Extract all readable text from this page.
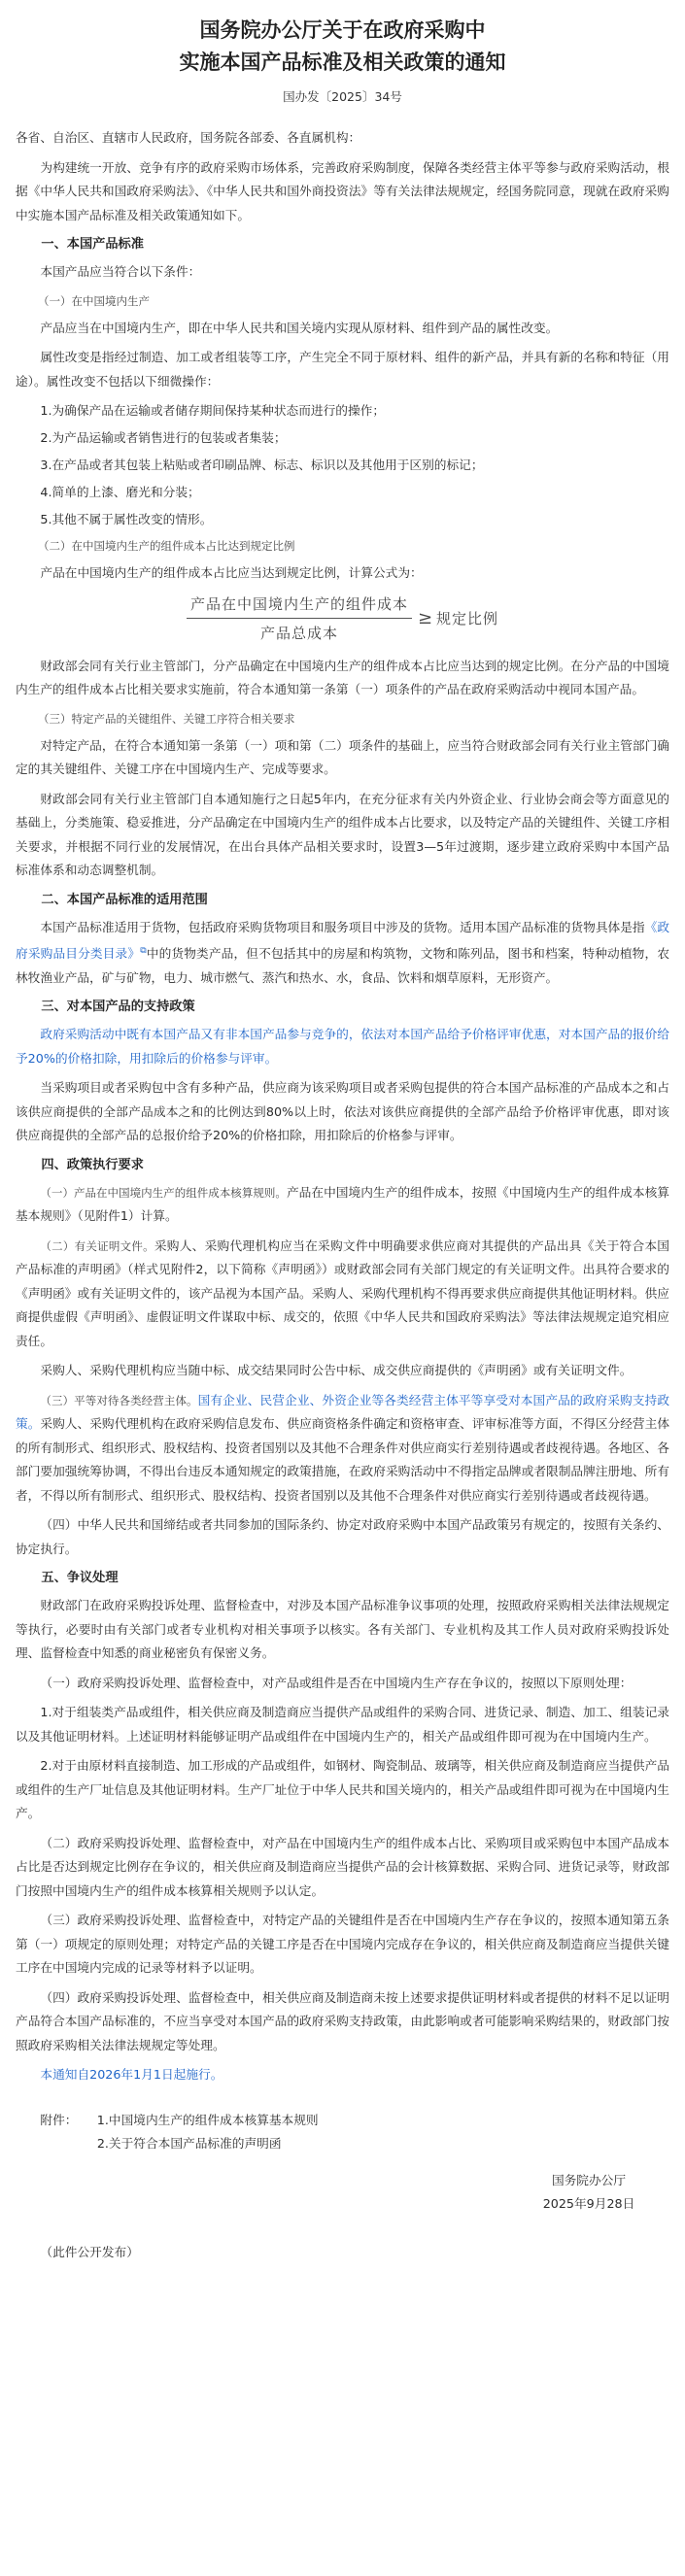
国务院办公厅关于在政府采购中
实施本国产品标准及相关政策的通知
国办发〔2025〕34号

各省、自治区、直辖市人民政府，国务院各部委、各直属机构：

为构建统一开放、竞争有序的政府采购市场体系，完善政府采购制度，保障各类经营主体平等参与政府采购活动，根据《中华人民共和国政府采购法》、《中华人民共和国外商投资法》等有关法律法规规定，经国务院同意，现就在政府采购中实施本国产品标准及相关政策通知如下。

一、本国产品标准

本国产品应当符合以下条件：

（一）在中国境内生产

产品应当在中国境内生产，即在中华人民共和国关境内实现从原材料、组件到产品的属性改变。

属性改变是指经过制造、加工或者组装等工序，产生完全不同于原材料、组件的新产品，并具有新的名称和特征（用途）。属性改变不包括以下细微操作：

1.为确保产品在运输或者储存期间保持某种状态而进行的操作；
2.为产品运输或者销售进行的包装或者集装；
3.在产品或者其包装上粘贴或者印刷品牌、标志、标识以及其他用于区别的标记；
4.简单的上漆、磨光和分装；
5.其他不属于属性改变的情形。
（二）在中国境内生产的组件成本占比达到规定比例

产品在中国境内生产的组件成本占比应当达到规定比例，计算公式为：

$\frac{\text{产品在中国境内生产的组件成本}}{\text{产品总成本}}$ ≥ 规定比例

财政部会同有关行业主管部门，分产品确定在中国境内生产的组件成本占比应当达到的规定比例。在分产品的中国境内生产的组件成本占比相关要求实施前，符合本通知第一条第（一）项条件的产品在政府采购活动中视同本国产品。

（三）特定产品的关键组件、关键工序符合相关要求

对特定产品，在符合本通知第一条第（一）项和第（二）项条件的基础上，应当符合财政部会同有关行业主管部门确定的其关键组件、关键工序在中国境内生产、完成等要求。

财政部会同有关行业主管部门自本通知施行之日起5年内，在充分征求有关内外资企业、行业协会商会等方面意见的基础上，分类施策、稳妥推进，分产品确定在中国境内生产的组件成本占比要求，以及特定产品的关键组件、关键工序相关要求，并根据不同行业的发展情况，在出台具体产品相关要求时，设置3—5年过渡期，逐步建立政府采购中本国产品标准体系和动态调整机制。

二、本国产品标准的适用范围

本国产品标准适用于货物，包括政府采购货物项目和服务项目中涉及的货物。适用本国产品标准的货物具体是指《政府采购品目分类目录》⧉中的货物类产品，但不包括其中的房屋和构筑物，文物和陈列品，图书和档案，特种动植物，农林牧渔业产品，矿与矿物，电力、城市燃气、蒸汽和热水、水，食品、饮料和烟草原料，无形资产。

三、对本国产品的支持政策

政府采购活动中既有本国产品又有非本国产品参与竞争的，依法对本国产品给予价格评审优惠，对本国产品的报价给予20%的价格扣除，用扣除后的价格参与评审。

当采购项目或者采购包中含有多种产品，供应商为该采购项目或者采购包提供的符合本国产品标准的产品成本之和占该供应商提供的全部产品成本之和的比例达到80%以上时，依法对该供应商提供的全部产品给予价格评审优惠，即对该供应商提供的全部产品的总报价给予20%的价格扣除，用扣除后的价格参与评审。

四、政策执行要求

（一）产品在中国境内生产的组件成本核算规则。产品在中国境内生产的组件成本，按照《中国境内生产的组件成本核算基本规则》（见附件1）计算。

（二）有关证明文件。采购人、采购代理机构应当在采购文件中明确要求供应商对其提供的产品出具《关于符合本国产品标准的声明函》（样式见附件2，以下简称《声明函》）或财政部会同有关部门规定的有关证明文件。出具符合要求的《声明函》或有关证明文件的，该产品视为本国产品。采购人、采购代理机构不得再要求供应商提供其他证明材料。供应商提供虚假《声明函》、虚假证明文件谋取中标、成交的，依照《中华人民共和国政府采购法》等法律法规规定追究相应责任。

采购人、采购代理机构应当随中标、成交结果同时公告中标、成交供应商提供的《声明函》或有关证明文件。

（三）平等对待各类经营主体。国有企业、民营企业、外资企业等各类经营主体平等享受对本国产品的政府采购支持政策。采购人、采购代理机构在政府采购信息发布、供应商资格条件确定和资格审查、评审标准等方面，不得区分经营主体的所有制形式、组织形式、股权结构、投资者国别以及其他不合理条件对供应商实行差别待遇或者歧视待遇。各地区、各部门要加强统筹协调，不得出台违反本通知规定的政策措施，在政府采购活动中不得指定品牌或者限制品牌注册地、所有者，不得以所有制形式、组织形式、股权结构、投资者国别以及其他不合理条件对供应商实行差别待遇或者歧视待遇。

（四）中华人民共和国缔结或者共同参加的国际条约、协定对政府采购中本国产品政策另有规定的，按照有关条约、协定执行。

五、争议处理

财政部门在政府采购投诉处理、监督检查中，对涉及本国产品标准争议事项的处理，按照政府采购相关法律法规规定等执行，必要时由有关部门或者专业机构对相关事项予以核实。各有关部门、专业机构及其工作人员对政府采购投诉处理、监督检查中知悉的商业秘密负有保密义务。

（一）政府采购投诉处理、监督检查中，对产品或组件是否在中国境内生产存在争议的，按照以下原则处理：

1.对于组装类产品或组件，相关供应商及制造商应当提供产品或组件的采购合同、进货记录、制造、加工、组装记录以及其他证明材料。上述证明材料能够证明产品或组件在中国境内生产的，相关产品或组件即可视为在中国境内生产。

2.对于由原材料直接制造、加工形成的产品或组件，如钢材、陶瓷制品、玻璃等，相关供应商及制造商应当提供产品或组件的生产厂址信息及其他证明材料。生产厂址位于中华人民共和国关境内的，相关产品或组件即可视为在中国境内生产。

（二）政府采购投诉处理、监督检查中，对产品在中国境内生产的组件成本占比、采购项目或采购包中本国产品成本占比是否达到规定比例存在争议的，相关供应商及制造商应当提供产品的会计核算数据、采购合同、进货记录等，财政部门按照中国境内生产的组件成本核算相关规则予以认定。

（三）政府采购投诉处理、监督检查中，对特定产品的关键组件是否在中国境内生产存在争议的，按照本通知第五条第（一）项规定的原则处理；对特定产品的关键工序是否在中国境内完成存在争议的，相关供应商及制造商应当提供关键工序在中国境内完成的记录等材料予以证明。

（四）政府采购投诉处理、监督检查中，相关供应商及制造商未按上述要求提供证明材料或者提供的材料不足以证明产品符合本国产品标准的，不应当享受对本国产品的政府采购支持政策，由此影响或者可能影响采购结果的，财政部门按照政府采购相关法律法规规定等处理。

本通知自2026年1月1日起施行。

附件：	1.中国境内生产的组件成本核算基本规则
2.关于符合本国产品标准的声明函
国务院办公厅
2025年9月28日
（此件公开发布）
